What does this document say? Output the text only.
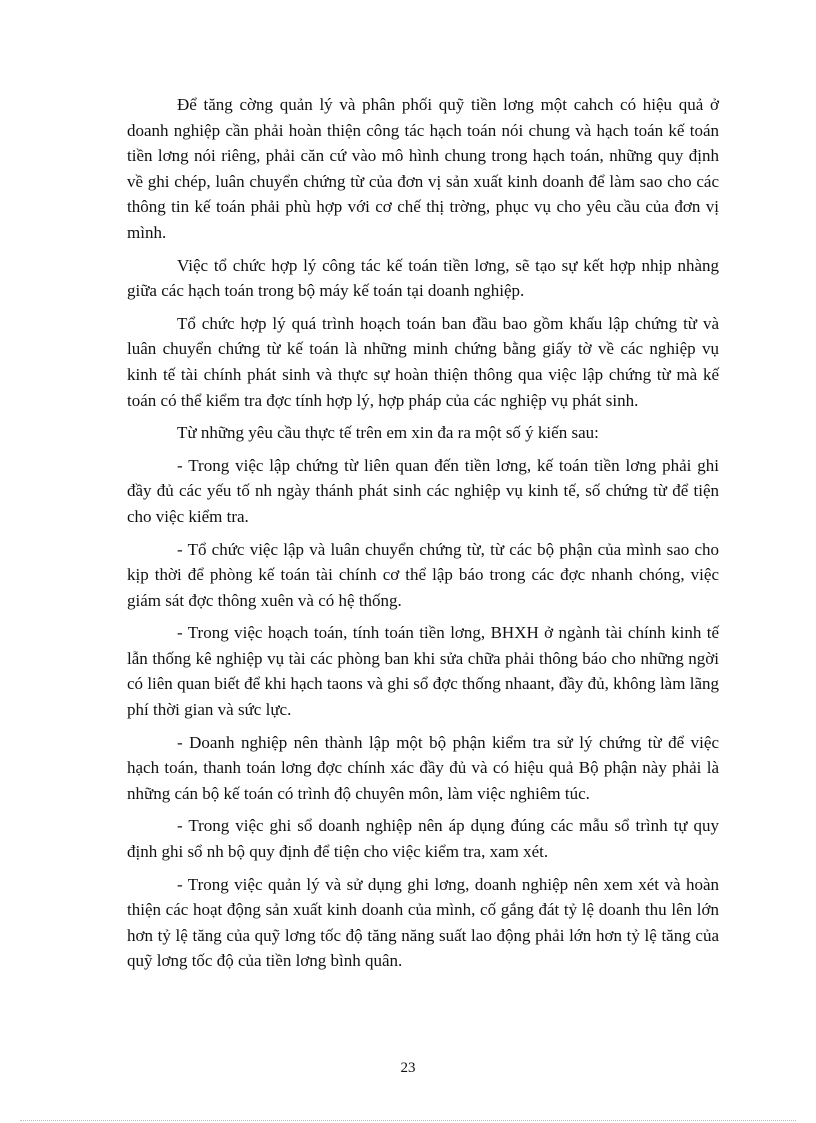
Để tăng cờng quản lý và phân phối quỹ tiền lơng một cahch có hiệu quả ở doanh nghiệp cần phải hoàn thiện công tác hạch toán nói chung và hạch toán kế toán tiền lơng nói riêng, phải căn cứ vào mô hình chung trong hạch toán, những quy định về ghi chép, luân chuyển chứng từ của đơn vị sản xuất kinh doanh để làm sao cho các thông tin kế toán phải phù hợp với cơ chế thị trờng, phục vụ cho yêu cầu của đơn vị mình.

Việc tổ chức hợp lý công tác kế toán tiền lơng, sẽ tạo sự kết hợp nhịp nhàng giữa các hạch toán trong bộ máy kế toán tại doanh nghiệp.

Tổ chức hợp lý quá trình hoạch toán ban đầu bao gồm khấu lập chứng từ và luân chuyển chứng từ kế toán là những minh chứng bằng giấy tờ về các nghiệp vụ kinh tế tài chính phát sinh và thực sự hoàn thiện thông qua việc lập chứng từ mà kế toán có thể kiểm tra đợc tính hợp lý, hợp pháp của các nghiệp vụ phát sinh.

Từ những yêu cầu thực tế trên em xin đa ra một số ý kiến sau:

- Trong việc lập chứng từ liên quan đến tiền lơng, kế toán tiền lơng phải ghi đầy đủ các yếu tố nh ngày thánh phát sinh các nghiệp vụ kinh tế, số chứng từ để tiện cho việc kiểm tra.

- Tổ chức việc lập và luân chuyển chứng từ, từ các bộ phận của mình sao cho kịp thời để phòng kế toán tài chính cơ thể lập báo trong các đợc nhanh chóng, việc giám sát đợc thông xuên và có hệ thống.

- Trong việc hoạch toán, tính toán tiền lơng, BHXH ở ngành tài chính kinh tế lẫn thống kê nghiệp vụ tài các phòng ban khi sửa chữa phải thông báo cho những ngời có liên quan biết để khi hạch taons và ghi sổ đợc thống nhaant, đầy đủ, không làm lãng phí thời gian và sức lực.

- Doanh nghiệp nên thành lập một bộ phận kiểm tra sử lý chứng từ để việc hạch toán, thanh toán lơng đợc chính xác đầy đủ và có hiệu quả Bộ phận này phải là những cán bộ kế toán có trình độ chuyên môn, làm việc nghiêm túc.

- Trong việc ghi sổ doanh nghiệp nên áp dụng đúng các mẫu sổ trình tự quy định ghi sổ nh bộ quy định để tiện cho việc kiểm tra, xam xét.

- Trong việc quản lý và sử dụng ghi lơng, doanh nghiệp nên xem xét và hoàn thiện các hoạt động sản xuất kinh doanh của mình, cố gắng đát tỷ lệ doanh thu lên lớn hơn tỷ lệ tăng của quỹ lơng tốc độ tăng năng suất lao động phải lớn hơn tỷ lệ tăng của quỹ lơng tốc độ của tiền lơng bình quân.

23
